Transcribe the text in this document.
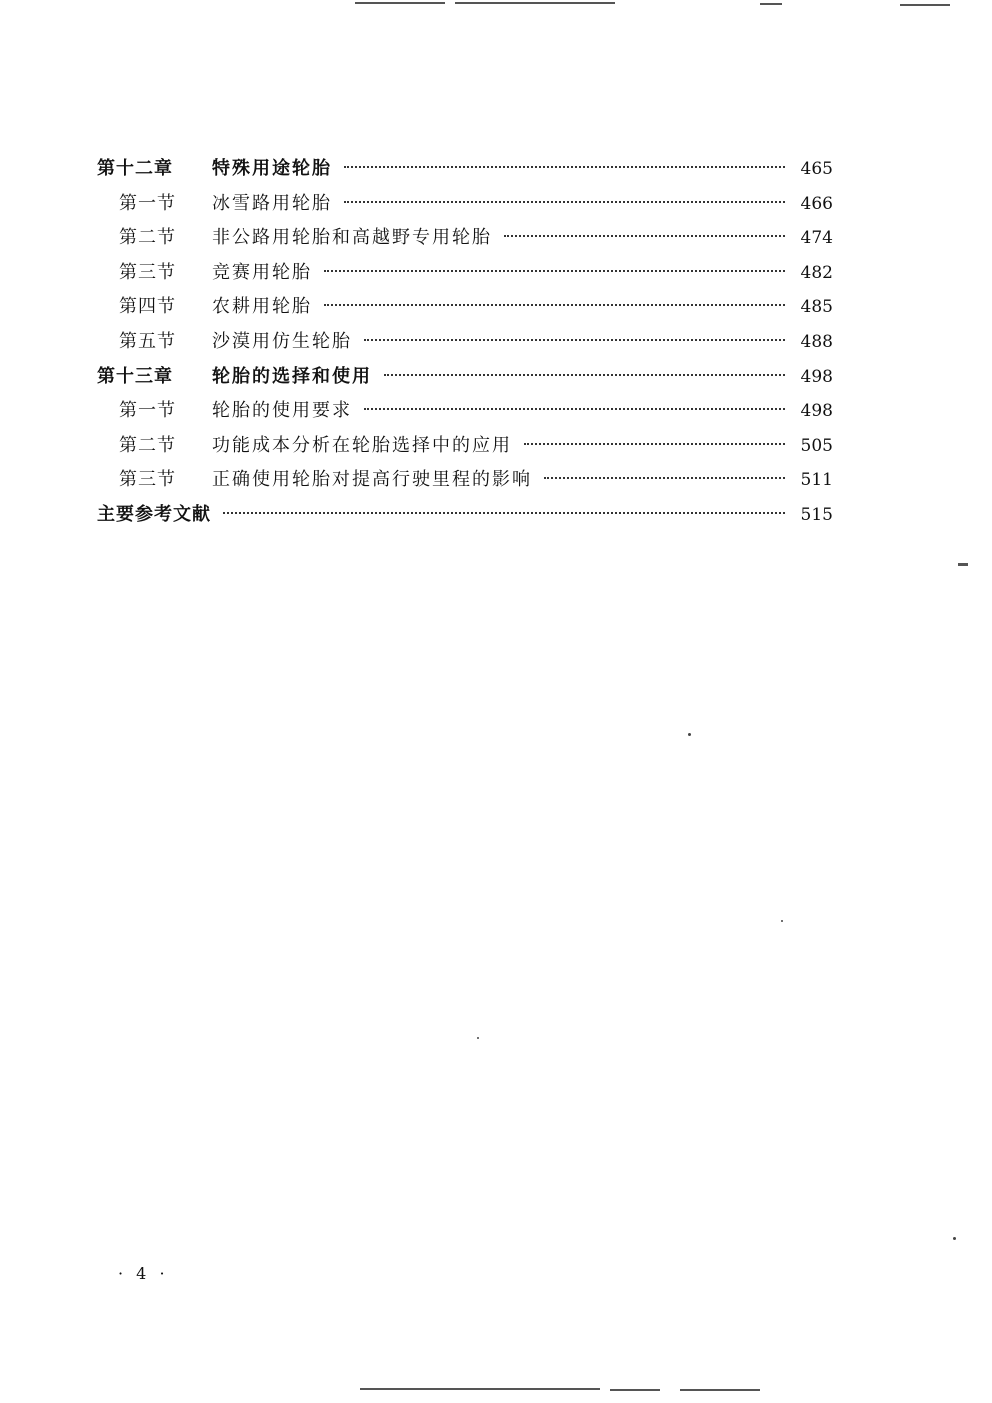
第十二章	特殊用途轮胎	465
第一节	冰雪路用轮胎	466
第二节	非公路用轮胎和高越野专用轮胎	474
第三节	竞赛用轮胎	482
第四节	农耕用轮胎	485
第五节	沙漠用仿生轮胎	488
第十三章	轮胎的选择和使用	498
第一节	轮胎的使用要求	498
第二节	功能成本分析在轮胎选择中的应用	505
第三节	正确使用轮胎对提高行驶里程的影响	511
主要参考文献	515
· 4 ·
